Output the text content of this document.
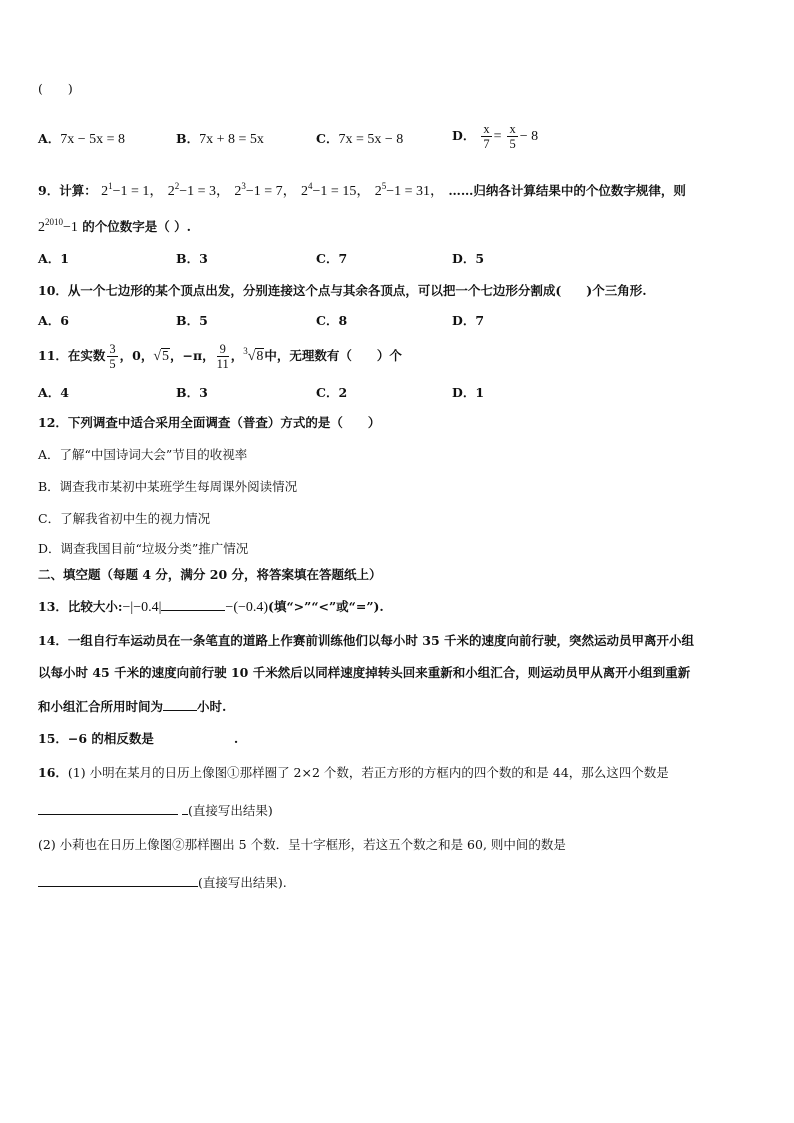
(　　)
A．7x − 5x = 8	B．7x + 8 = 5x	C．7x = 5x − 8	D． $\frac{x}{7} = \frac{x}{5} - 8$
9．计算： $2^1-1 = 1$， $2^2-1 = 3$， $2^3-1 = 7$， $2^4-1 = 15$， $2^5-1 = 31$， ……归纳各计算结果中的个位数字规律，则
$2^{2010}-1$ 的个位数字是（ ）.
A．1	B．3	C．7	D．5
10．从一个七边形的某个顶点出发，分别连接这个点与其余各顶点，可以把一个七边形分割成(　　)个三角形.
A．6	B．5	C．8	D．7
11．在实数 $\frac{3}{5}$ ，0，√5，−π， $\frac{9}{11}$ ，$^3$√8中，无理数有（　　）个
A．4	B．3	C．2	D．1
12．下列调查中适合采用全面调查（普查）方式的是（　　）
A．了解“中国诗词大会”节目的收视率
B．调查我市某初中某班学生每周课外阅读情况
C．了解我省初中生的视力情况
D．调查我国目前“垃圾分类”推广情况
二、填空题（每题 4 分，满分 20 分，将答案填在答题纸上）
13．比较大小:−|−0.4|	−(−0.4)(填“>”“<”或“=”).
14．一组自行车运动员在一条笔直的道路上作赛前训练他们以每小时 35 千米的速度向前行驶，突然运动员甲离开小组
以每小时 45 千米的速度向前行驶 10 千米然后以同样速度掉转头回来重新和小组汇合，则运动员甲从离开小组到重新
和小组汇合所用时间为	小时.
15．−6 的相反数是	.
16．(1) 小明在某月的日历上像图①那样圈了 2×2 个数，若正方形的方框内的四个数的和是 44，那么这四个数是
(直接写出结果)
(2) 小莉也在日历上像图②那样圈出 5 个数．呈十字框形，若这五个数之和是 60, 则中间的数是
(直接写出结果).
